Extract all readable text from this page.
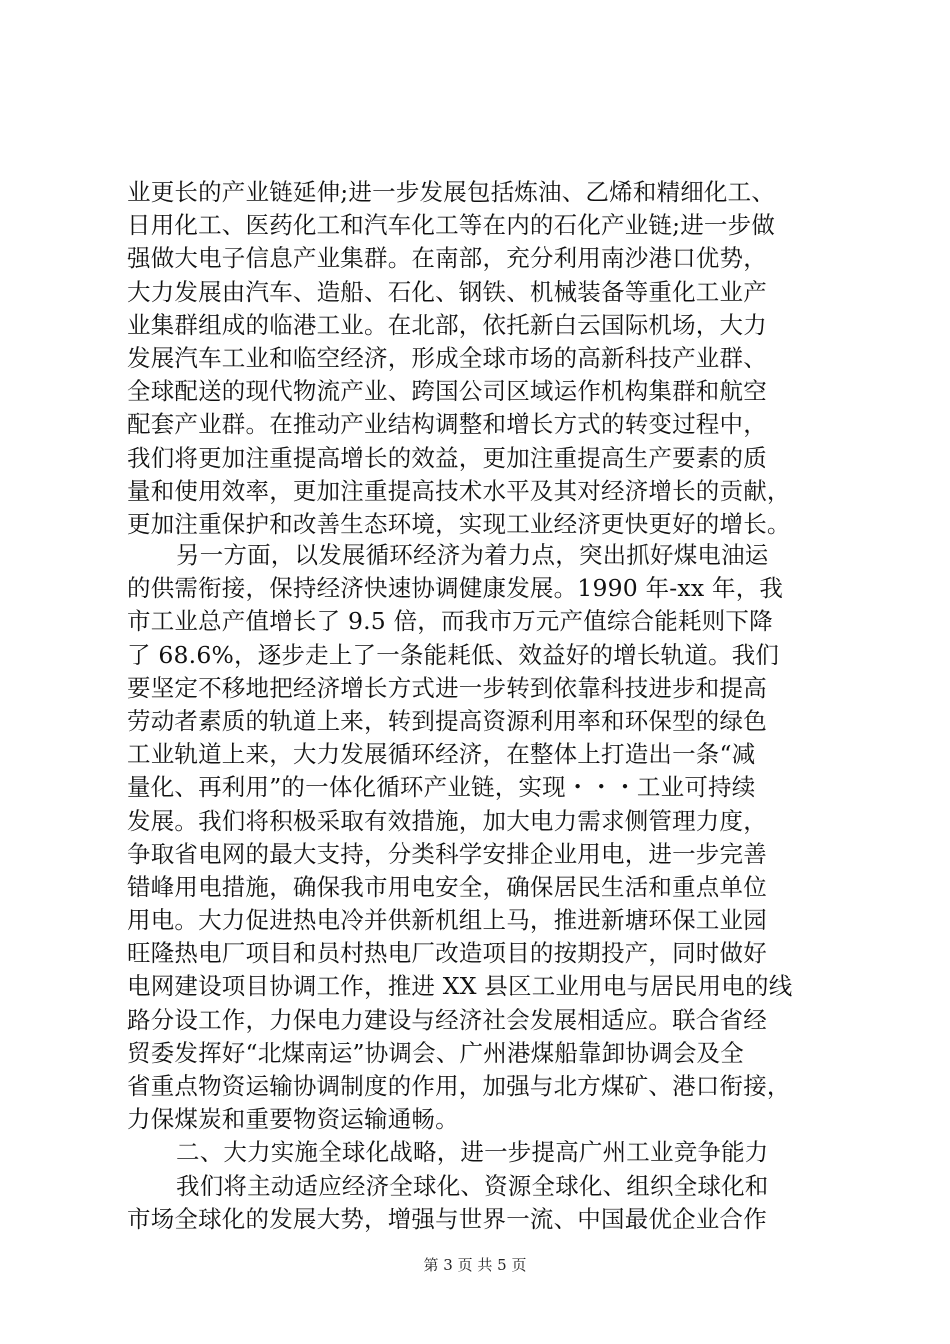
业更长的产业链延伸;进一步发展包括炼油、乙烯和精细化工、
日用化工、医药化工和汽车化工等在内的石化产业链;进一步做
强做大电子信息产业集群。在南部，充分利用南沙港口优势，
大力发展由汽车、造船、石化、钢铁、机械装备等重化工业产
业集群组成的临港工业。在北部，依托新白云国际机场，大力
发展汽车工业和临空经济，形成全球市场的高新科技产业群、
全球配送的现代物流产业、跨国公司区域运作机构集群和航空
配套产业群。在推动产业结构调整和增长方式的转变过程中，
我们将更加注重提高增长的效益，更加注重提高生产要素的质
量和使用效率，更加注重提高技术水平及其对经济增长的贡献，
更加注重保护和改善生态环境，实现工业经济更快更好的增长。
另一方面，以发展循环经济为着力点，突出抓好煤电油运
的供需衔接，保持经济快速协调健康发展。1990 年-xx 年，我
市工业总产值增长了 9.5 倍，而我市万元产值综合能耗则下降
了 68.6%，逐步走上了一条能耗低、效益好的增长轨道。我们
要坚定不移地把经济增长方式进一步转到依靠科技进步和提高
劳动者素质的轨道上来，转到提高资源利用率和环保型的绿色
工业轨道上来，大力发展循环经济，在整体上打造出一条“减
量化、再利用”的一体化循环产业链，实现・・・工业可持续
发展。我们将积极采取有效措施，加大电力需求侧管理力度，
争取省电网的最大支持，分类科学安排企业用电，进一步完善
错峰用电措施，确保我市用电安全，确保居民生活和重点单位
用电。大力促进热电冷并供新机组上马，推进新塘环保工业园
旺隆热电厂项目和员村热电厂改造项目的按期投产，同时做好
电网建设项目协调工作，推进 XX 县区工业用电与居民用电的线
路分设工作，力保电力建设与经济社会发展相适应。联合省经
贸委发挥好“北煤南运”协调会、广州港煤船靠卸协调会及全
省重点物资运输协调制度的作用，加强与北方煤矿、港口衔接，
力保煤炭和重要物资运输通畅。
二、大力实施全球化战略，进一步提高广州工业竞争能力
我们将主动适应经济全球化、资源全球化、组织全球化和
市场全球化的发展大势，增强与世界一流、中国最优企业合作
第 3 页 共 5 页
